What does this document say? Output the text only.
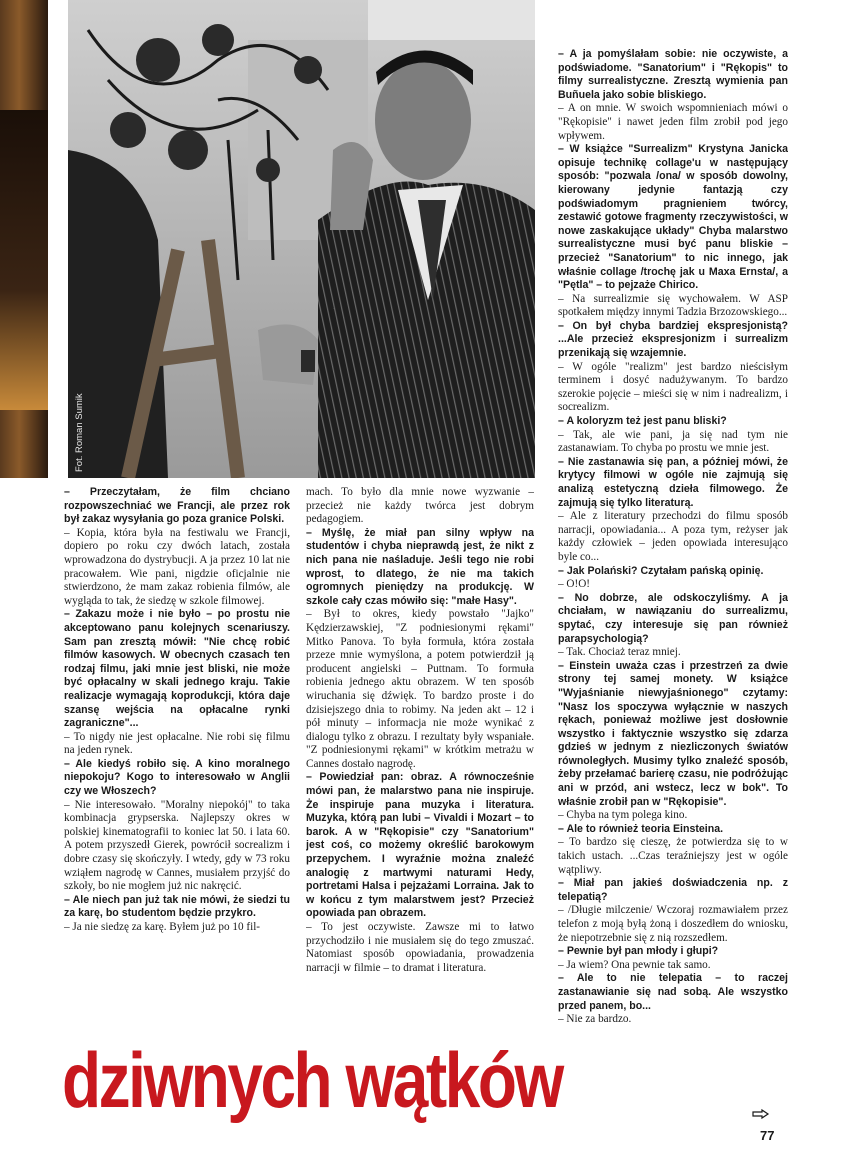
Fot. Roman Sumik

– Przeczytałam, że film chciano rozpowszechniać we Francji, ale przez rok był zakaz wysyłania go poza granice Polski.

– Kopia, która była na festiwalu we Francji, dopiero po roku czy dwóch latach, została wprowadzona do dystrybucji. A ja przez 10 lat nie pracowałem. Wie pani, nigdzie oficjalnie nie stwierdzono, że mam zakaz robienia filmów, ale wygląda to tak, że siedzę w szkole filmowej.

– Zakazu może i nie było – po prostu nie akceptowano panu kolejnych scenariuszy. Sam pan zresztą mówił: "Nie chcę robić filmów kasowych. W obecnych czasach ten rodzaj filmu, jaki mnie jest bliski, nie może być opłacalny w skali jednego kraju. Takie realizacje wymagają koprodukcji, która daje szansę wejścia na opłacalne rynki zagraniczne"...

– To nigdy nie jest opłacalne. Nie robi się filmu na jeden rynek.

– Ale kiedyś robiło się. A kino moralnego niepokoju? Kogo to interesowało w Anglii czy we Włoszech?

– Nie interesowało. "Moralny niepokój" to taka kombinacja grypserska. Najlepszy okres w polskiej kinematografii to koniec lat 50. i lata 60. A potem przyszedł Gierek, powrócił socrealizm i dobre czasy się skończyły. I wtedy, gdy w 73 roku wziąłem nagrodę w Cannes, musiałem przyjść do szkoły, bo nie mogłem już nic nakręcić.

– Ale niech pan już tak nie mówi, że siedzi tu za karę, bo studentom będzie przykro.

– Ja nie siedzę za karę. Byłem już po 10 fil-

mach. To było dla mnie nowe wyzwanie – przecież nie każdy twórca jest dobrym pedagogiem.

– Myślę, że miał pan silny wpływ na studentów i chyba nieprawdą jest, że nikt z nich pana nie naśladuje. Jeśli tego nie robi wprost, to dlatego, że nie ma takich ogromnych pieniędzy na produkcję. W szkole cały czas mówiło się: "małe Hasy".

– Był to okres, kiedy powstało "Jajko" Kędzierzawskiej, "Z podniesionymi rękami" Mitko Panova. To była formuła, która została przeze mnie wymyślona, a potem potwierdził ją producent angielski – Puttnam. To formuła robienia jednego aktu obrazem. W ten sposób wiruchania się dźwięk. To bardzo proste i do dzisiejszego dnia to robimy. Na jeden akt – 12 i pół minuty – informacja nie może wynikać z dialogu tylko z obrazu. I rezultaty były wspaniałe. "Z podniesionymi rękami" w krótkim metrażu w Cannes dostało nagrodę.

– Powiedział pan: obraz. A równocześnie mówi pan, że malarstwo pana nie inspiruje. Że inspiruje pana muzyka i literatura. Muzyka, którą pan lubi – Vivaldi i Mozart – to barok. A w "Rękopisie" czy "Sanatorium" jest coś, co możemy określić barokowym przepychem. I wyraźnie można znaleźć analogię z martwymi naturami Hedy, portretami Halsa i pejzażami Lorraina. Jak to w końcu z tym malarstwem jest? Przecież opowiada pan obrazem.

– To jest oczywiste. Zawsze mi to łatwo przychodziło i nie musiałem się do tego zmuszać. Natomiast sposób opowiadania, prowadzenia narracji w filmie – to dramat i literatura.

– A ja pomyślałam sobie: nie oczywiste, a podświadome. "Sanatorium" i "Rękopis" to filmy surrealistyczne. Zresztą wymienia pan Buñuela jako sobie bliskiego.

– A on mnie. W swoich wspomnieniach mówi o "Rękopisie" i nawet jeden film zrobił pod jego wpływem.

– W książce "Surrealizm" Krystyna Janicka opisuje technikę collage'u w następujący sposób: "pozwala /ona/ w sposób dowolny, kierowany jedynie fantazją czy podświadomym pragnieniem twórcy, zestawić gotowe fragmenty rzeczywistości, w nowe zaskakujące układy" Chyba malarstwo surrealistyczne musi być panu bliskie – przecież "Sanatorium" to nic innego, jak właśnie collage /trochę jak u Maxa Ernsta/, a "Pętla" – to pejzaże Chirico.

– Na surrealizmie się wychowałem. W ASP spotkałem między innymi Tadzia Brzozowskiego...

– On był chyba bardziej ekspresjonistą? ...Ale przecież ekspresjonizm i surrealizm przenikają się wzajemnie.

– W ogóle "realizm" jest bardzo nieścisłym terminem i dosyć nadużywanym. To bardzo szerokie pojęcie – mieści się w nim i nadrealizm, i socrealizm.

– A koloryzm też jest panu bliski?

– Tak, ale wie pani, ja się nad tym nie zastanawiam. To chyba po prostu we mnie jest.

– Nie zastanawia się pan, a później mówi, że krytycy filmowi w ogóle nie zajmują się analizą estetyczną dzieła filmowego. Że zajmują się tylko literaturą.

– Ale z literatury przechodzi do filmu sposób narracji, opowiadania... A poza tym, reżyser jak każdy człowiek – jeden opowiada interesująco byle co...

– Jak Polański? Czytałam pańską opinię.

– O!O!

– No dobrze, ale odskoczyliśmy. A ja chciałam, w nawiązaniu do surrealizmu, spytać, czy interesuje się pan również parapsychologią?

– Tak. Chociaż teraz mniej.

– Einstein uważa czas i przestrzeń za dwie strony tej samej monety. W książce "Wyjaśnianie niewyjaśnionego" czytamy: "Nasz los spoczywa wyłącznie w naszych rękach, ponieważ możliwe jest dosłownie wszystko i faktycznie wszystko się zdarza gdzieś w jednym z niezliczonych światów równoległych. Musimy tylko znaleźć sposób, żeby przełamać barierę czasu, nie podróżując ani w przód, ani wstecz, lecz w bok". To właśnie zrobił pan w "Rękopisie".

– Chyba na tym polega kino.

– Ale to również teoria Einsteina.

– To bardzo się cieszę, że potwierdza się to w takich ustach. ...Czas teraźniejszy jest w ogóle wątpliwy.

– Miał pan jakieś doświadczenia np. z telepatią?

– /Długie milczenie/ Wczoraj rozmawiałem przez telefon z moją byłą żoną i doszedłem do wniosku, że niepotrzebnie się z nią rozszedłem.

– Pewnie był pan młody i głupi?

– Ja wiem? Ona pewnie tak samo.

– Ale to nie telepatia – to raczej zastanawianie się nad sobą. Ale wszystko przed panem, bo...

– Nie za bardzo.

dziwnych wątków
77
